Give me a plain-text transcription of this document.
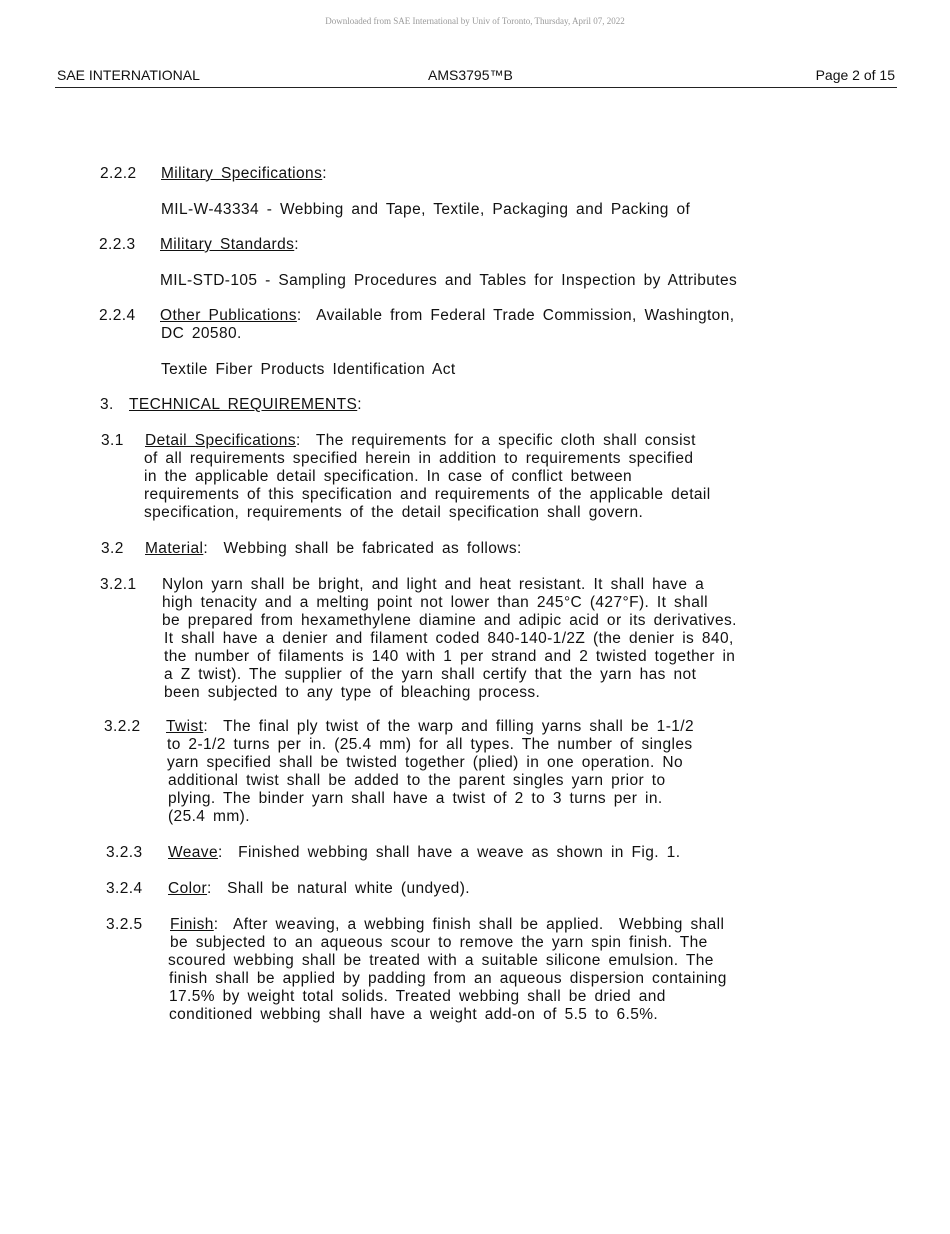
Downloaded from SAE International by Univ of Toronto, Thursday, April 07, 2022
SAE INTERNATIONAL	AMS3795™B	Page 2 of 15
2.2.2 Military Specifications:
MIL-W-43334 - Webbing and Tape, Textile, Packaging and Packing of
2.2.3 Military Standards:
MIL-STD-105 - Sampling Procedures and Tables for Inspection by Attributes
2.2.4 Other Publications:  Available from Federal Trade Commission, Washington,
DC 20580.
Textile Fiber Products Identification Act
3. TECHNICAL REQUIREMENTS:
3.1 Detail Specifications:  The requirements for a specific cloth shall consist
of all requirements specified herein in addition to requirements specified
in the applicable detail specification. In case of conflict between
requirements of this specification and requirements of the applicable detail
specification, requirements of the detail specification shall govern.
3.2 Material:  Webbing shall be fabricated as follows:
3.2.1 Nylon yarn shall be bright, and light and heat resistant. It shall have a
high tenacity and a melting point not lower than 245°C (427°F). It shall
be prepared from hexamethylene diamine and adipic acid or its derivatives.
It shall have a denier and filament coded 840-140-1/2Z (the denier is 840,
the number of filaments is 140 with 1 per strand and 2 twisted together in
a Z twist). The supplier of the yarn shall certify that the yarn has not
been subjected to any type of bleaching process.
3.2.2 Twist:  The final ply twist of the warp and filling yarns shall be 1-1/2
to 2-1/2 turns per in. (25.4 mm) for all types. The number of singles
yarn specified shall be twisted together (plied) in one operation. No
additional twist shall be added to the parent singles yarn prior to
plying. The binder yarn shall have a twist of 2 to 3 turns per in.
(25.4 mm).
3.2.3 Weave:  Finished webbing shall have a weave as shown in Fig. 1.
3.2.4 Color:  Shall be natural white (undyed).
3.2.5 Finish:  After weaving, a webbing finish shall be applied.  Webbing shall
be subjected to an aqueous scour to remove the yarn spin finish. The
scoured webbing shall be treated with a suitable silicone emulsion. The
finish shall be applied by padding from an aqueous dispersion containing
17.5% by weight total solids. Treated webbing shall be dried and
conditioned webbing shall have a weight add-on of 5.5 to 6.5%.
